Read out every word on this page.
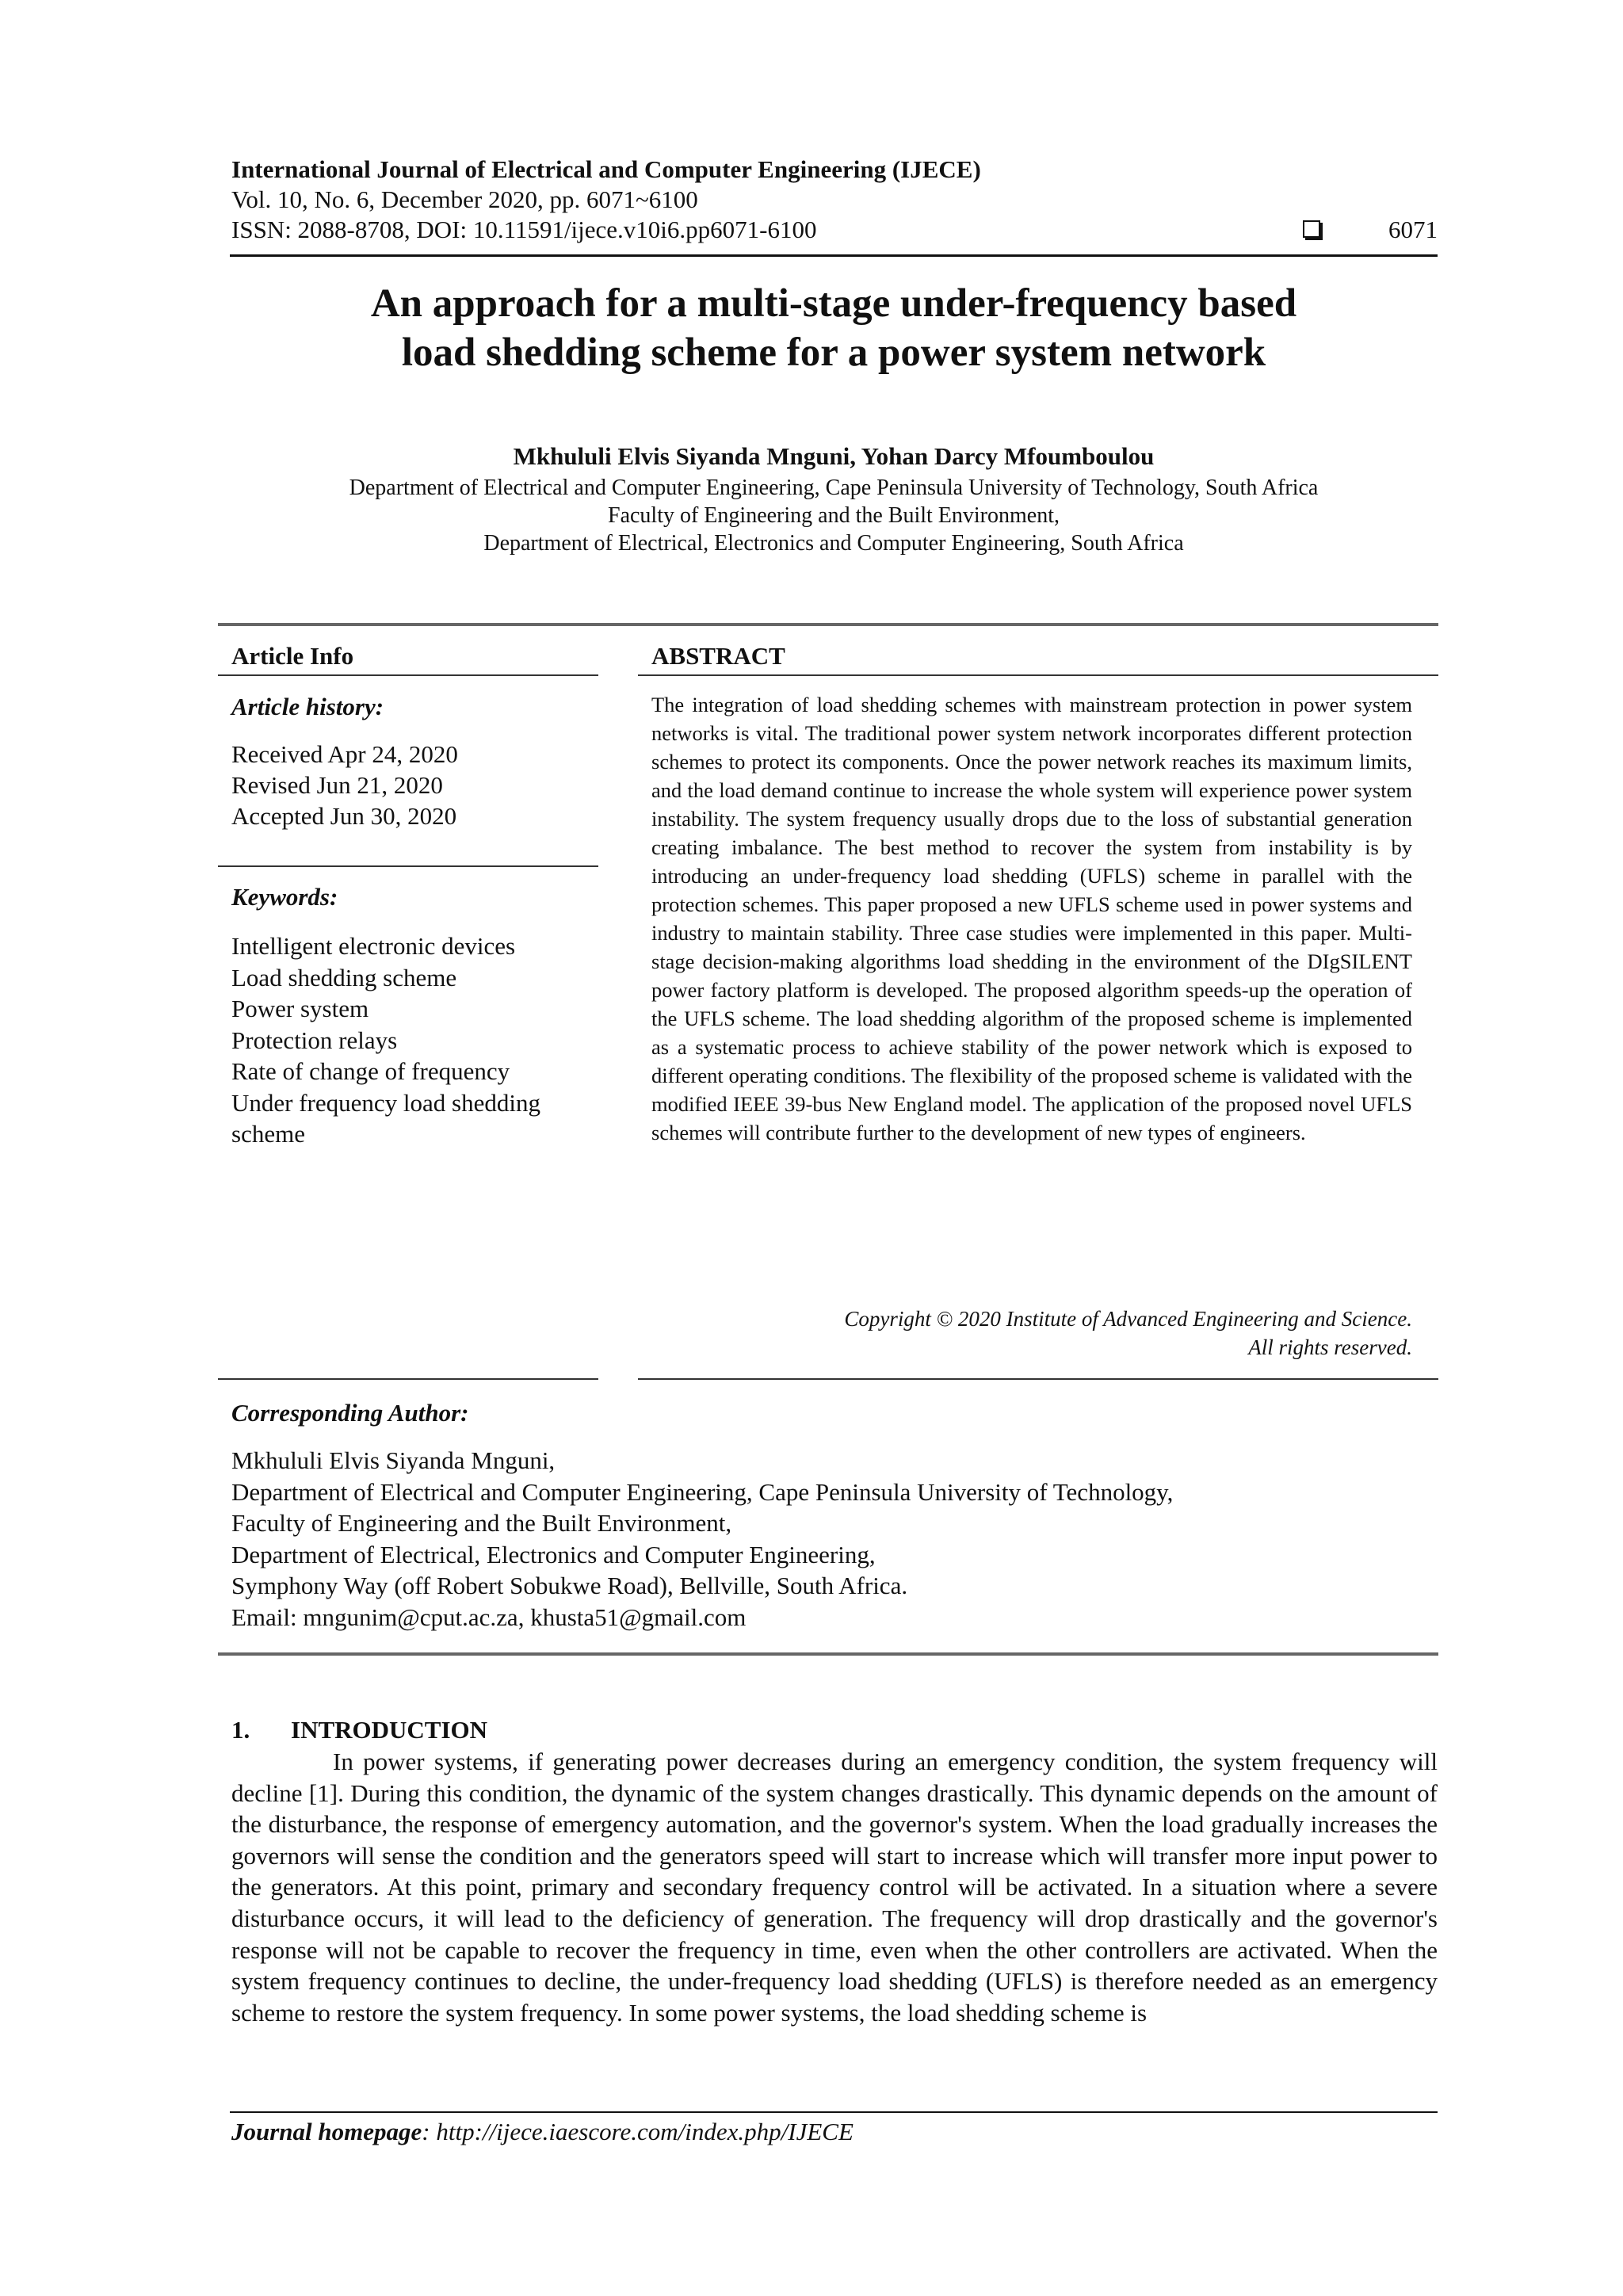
International Journal of Electrical and Computer Engineering (IJECE)
Vol. 10, No. 6, December 2020, pp. 6071~6100
ISSN: 2088-8708, DOI: 10.11591/ijece.v10i6.pp6071-6100	6071
An approach for a multi-stage under-frequency based
load shedding scheme for a power system network
Mkhululi Elvis Siyanda Mnguni, Yohan Darcy Mfoumboulou
Department of Electrical and Computer Engineering, Cape Peninsula University of Technology, South Africa
Faculty of Engineering and the Built Environment,
Department of Electrical, Electronics and Computer Engineering, South Africa
Article Info	ABSTRACT
Article history:
Received Apr 24, 2020
Revised Jun 21, 2020
Accepted Jun 30, 2020
Keywords:
Intelligent electronic devices
Load shedding scheme
Power system
Protection relays
Rate of change of frequency
Under frequency load shedding scheme
The integration of load shedding schemes with mainstream protection in power system networks is vital. The traditional power system network incorporates different protection schemes to protect its components. Once the power network reaches its maximum limits, and the load demand continue to increase the whole system will experience power system instability. The system frequency usually drops due to the loss of substantial generation creating imbalance. The best method to recover the system from instability is by introducing an under-frequency load shedding (UFLS) scheme in parallel with the protection schemes. This paper proposed a new UFLS scheme used in power systems and industry to maintain stability. Three case studies were implemented in this paper. Multi-stage decision-making algorithms load shedding in the environment of the DIgSILENT power factory platform is developed. The proposed algorithm speeds-up the operation of the UFLS scheme. The load shedding algorithm of the proposed scheme is implemented as a systematic process to achieve stability of the power network which is exposed to different operating conditions. The flexibility of the proposed scheme is validated with the modified IEEE 39-bus New England model. The application of the proposed novel UFLS schemes will contribute further to the development of new types of engineers.
Copyright © 2020 Institute of Advanced Engineering and Science.
All rights reserved.
Corresponding Author:
Mkhululi Elvis Siyanda Mnguni,
Department of Electrical and Computer Engineering, Cape Peninsula University of Technology,
Faculty of Engineering and the Built Environment,
Department of Electrical, Electronics and Computer Engineering,
Symphony Way (off Robert Sobukwe Road), Bellville, South Africa.
Email: mngunim@cput.ac.za, khusta51@gmail.com
1. INTRODUCTION
In power systems, if generating power decreases during an emergency condition, the system frequency will decline [1]. During this condition, the dynamic of the system changes drastically. This dynamic depends on the amount of the disturbance, the response of emergency automation, and the governor's system. When the load gradually increases the governors will sense the condition and the generators speed will start to increase which will transfer more input power to the generators. At this point, primary and secondary frequency control will be activated. In a situation where a severe disturbance occurs, it will lead to the deficiency of generation. The frequency will drop drastically and the governor's response will not be capable to recover the frequency in time, even when the other controllers are activated. When the system frequency continues to decline, the under-frequency load shedding (UFLS) is therefore needed as an emergency scheme to restore the system frequency. In some power systems, the load shedding scheme is
Journal homepage: http://ijece.iaescore.com/index.php/IJECE
